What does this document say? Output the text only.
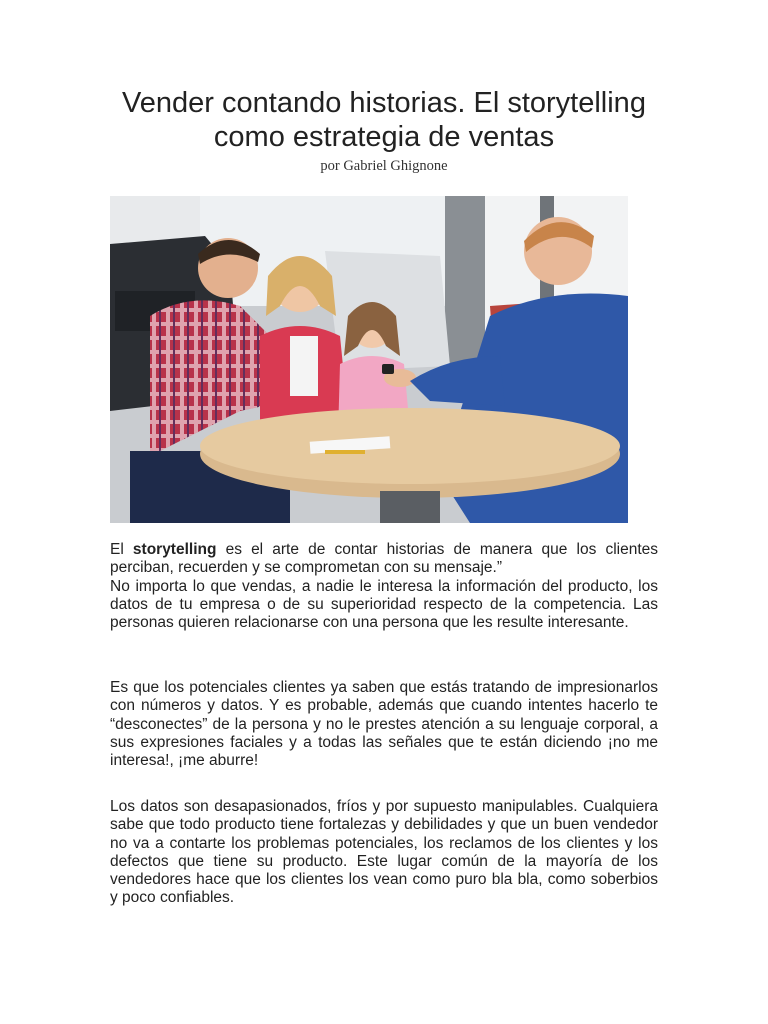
Vender contando historias. El storytelling como estrategia de ventas
por Gabriel Ghignone
El storytelling es el arte de contar historias de manera que los clientes perciban, recuerden y se comprometan con su mensaje.”
No importa lo que vendas, a nadie le interesa la información del producto, los datos de tu empresa o de su superioridad respecto de la competencia. Las personas quieren relacionarse con una persona que les resulte interesante.

Es que los potenciales clientes ya saben que estás tratando de impresionarlos con números y datos. Y es probable, además que cuando intentes hacerlo te “desconectes” de la persona y no le prestes atención a su lenguaje corporal, a sus expresiones faciales y a todas las señales que te están diciendo ¡no me interesa!, ¡me aburre!

Los datos son desapasionados, fríos y por supuesto manipulables. Cualquiera sabe que todo producto tiene fortalezas y debilidades y que un buen vendedor no va a contarte los problemas potenciales, los reclamos de los clientes y los defectos que tiene su producto. Este lugar común de la mayoría de los vendedores hace que los clientes los vean como puro bla bla, como soberbios y poco confiables.
